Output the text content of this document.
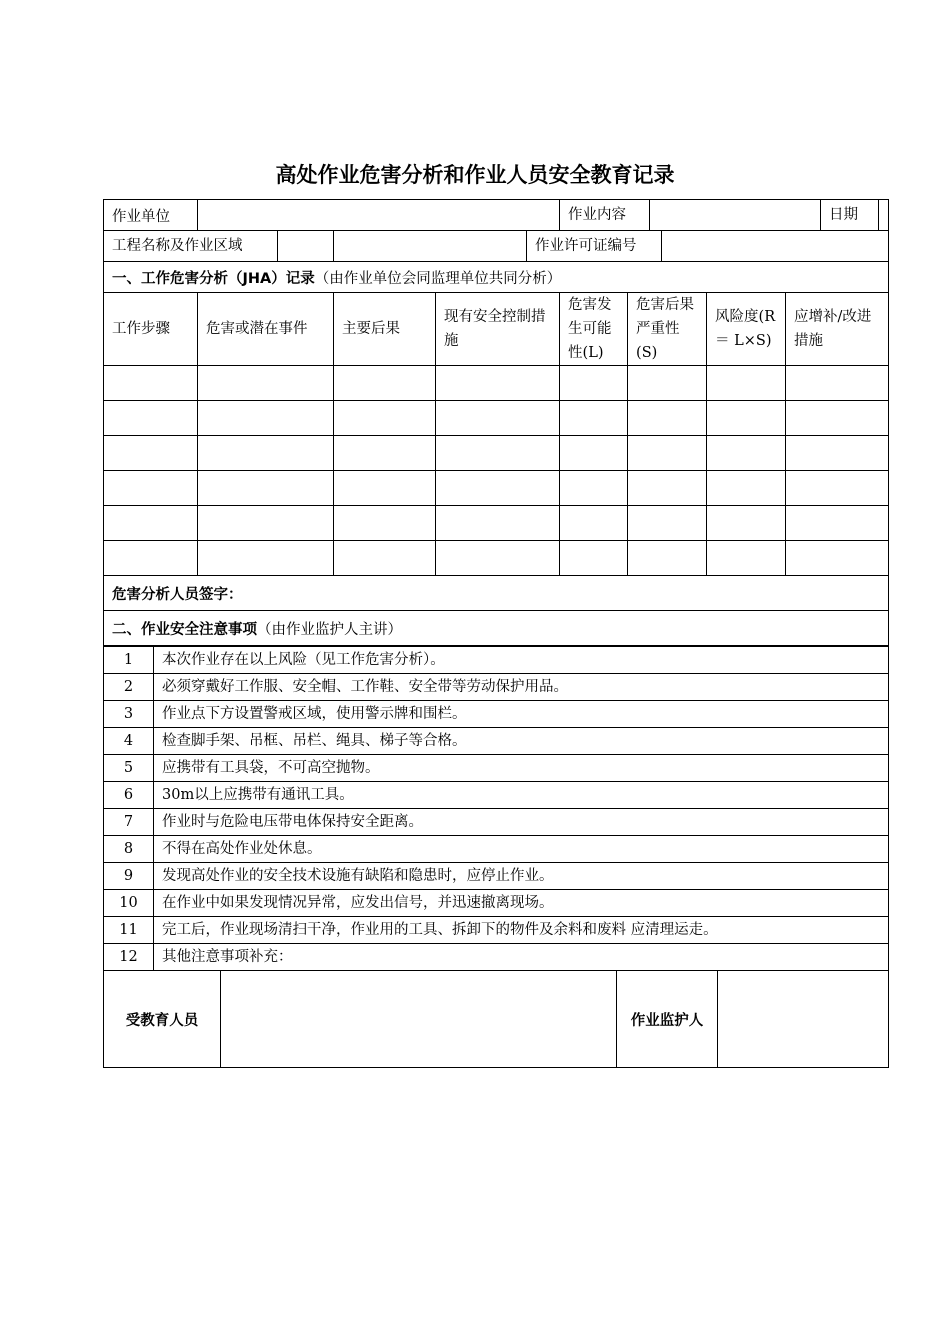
高处作业危害分析和作业人员安全教育记录
作业单位				作业内容 日期			

工程名称及作业区域				作业许可证编号			

一、工作危害分析（JHA）记录（由作业单位会同监理单位共同分析）							
工作步骤	危害或潜在事件	主要后果	现有安全控制措施	危害发生可能性(L)	危害后果严重性(S)	风险度(R ＝ L×S)	应增补/改进措施

危害分析人员签字：							
二、作业安全注意事项（由作业监护人主讲）							
1	本次作业存在以上风险（见工作危害分析）。
2	必须穿戴好工作服、安全帽、工作鞋、安全带等劳动保护用品。
3	作业点下方设置警戒区域，使用警示牌和围栏。
4	检查脚手架、吊框、吊栏、绳具、梯子等合格。
5	应携带有工具袋，不可高空抛物。
6	30m以上应携带有通讯工具。
7	作业时与危险电压带电体保持安全距离。
8	不得在高处作业处休息。
9	发现高处作业的安全技术设施有缺陷和隐患时，应停止作业。
10	在作业中如果发现情况异常，应发出信号，并迅速撤离现场。
11	完工后，作业现场清扫干净，作业用的工具、拆卸下的物件及余料和废料 应清理运走。
12	其他注意事项补充：
受教育人员		作业监护人	
